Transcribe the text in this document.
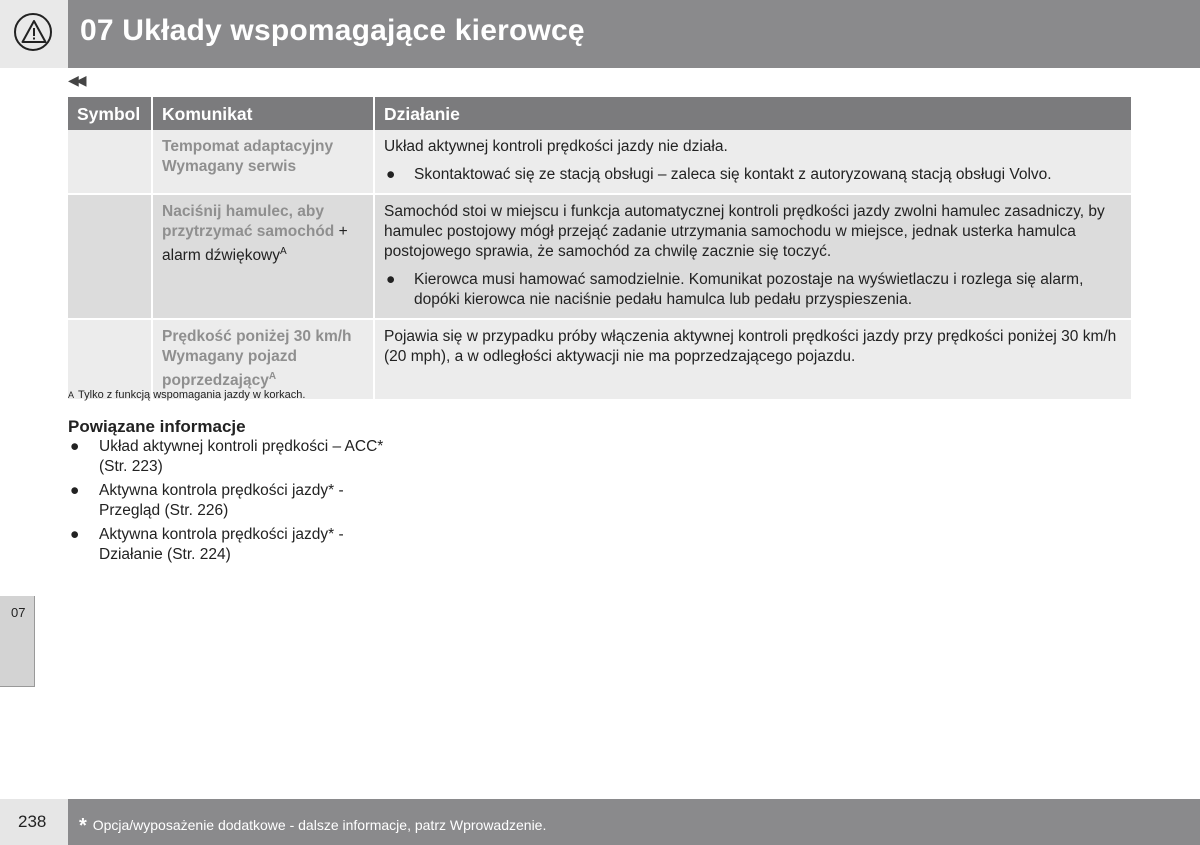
07 Układy wspomagające kierowcę
◀◀
Symbol	Komunikat	Działanie
	Tempomat adaptacyjny Wymagany serwis	Układ aktywnej kontroli prędkości jazdy nie działa.
● Skontaktować się ze stacją obsługi – zaleca się kontakt z autoryzowaną stacją obsługi Volvo.

	Naciśnij hamulec, aby przytrzymać samochód + alarm dźwiękowy$^A$	Samochód stoi w miejscu i funkcja automatycznej kontroli prędkości jazdy zwolni hamulec zasadniczy, by hamulec postojowy mógł przejąć zadanie utrzymania samochodu w miejsce, jednak usterka hamulca postojowego sprawia, że samochód za chwilę zacznie się toczyć.
● Kierowca musi hamować samodzielnie. Komunikat pozostaje na wyświetlaczu i rozlega się alarm, dopóki kierowca nie naciśnie pedału hamulca lub pedału przyspieszenia.

	Prędkość poniżej 30 km/h Wymagany pojazd poprzedzający$^A$	Pojawia się w przypadku próby włączenia aktywnej kontroli prędkości jazdy przy prędkości poniżej 30 km/h (20 mph), a w odległości aktywacji nie ma poprzedzającego pojazdu.
A Tylko z funkcją wspomagania jazdy w korkach.
Powiązane informacje
●	Układ aktywnej kontroli prędkości – ACC* (Str. 223)
●	Aktywna kontrola prędkości jazdy* - Przegląd (Str. 226)
●	Aktywna kontrola prędkości jazdy* - Działanie (Str. 224)
07
238 * Opcja/wyposażenie dodatkowe - dalsze informacje, patrz Wprowadzenie.
